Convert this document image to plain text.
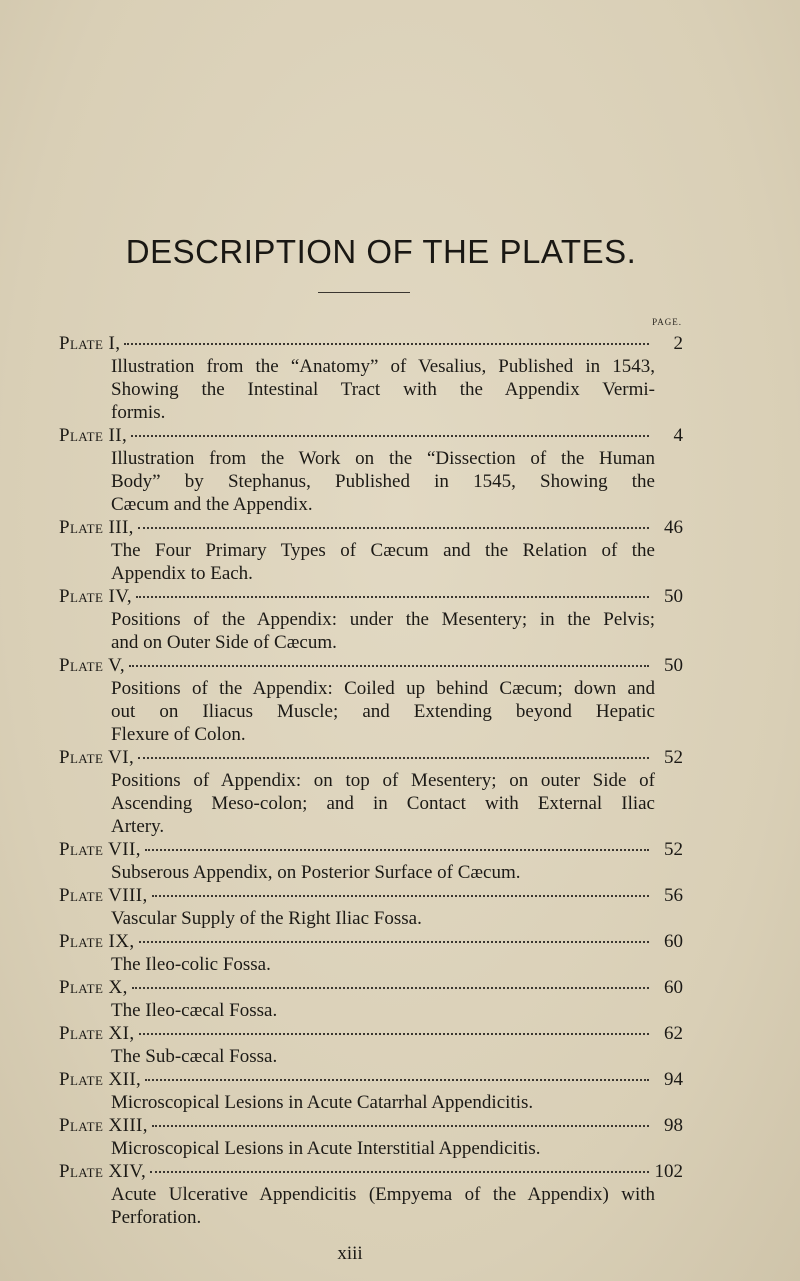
DESCRIPTION OF THE PLATES.
PAGE.
Plate I,	2
Illustration from the “Anatomy” of Vesalius, Published in 1543,
Showing the Intestinal Tract with the Appendix Vermi-
formis.
Plate II,	4
Illustration from the Work on the “Dissection of the Human
Body” by Stephanus, Published in 1545, Showing the
Cæcum and the Appendix.
Plate III,	46
The Four Primary Types of Cæcum and the Relation of the
Appendix to Each.
Plate IV,	50
Positions of the Appendix: under the Mesentery; in the Pelvis;
and on Outer Side of Cæcum.
Plate V,	50
Positions of the Appendix: Coiled up behind Cæcum; down and
out on Iliacus Muscle; and Extending beyond Hepatic
Flexure of Colon.
Plate VI,	52
Positions of Appendix: on top of Mesentery; on outer Side of
Ascending Meso-colon; and in Contact with External Iliac
Artery.
Plate VII,	52
Subserous Appendix, on Posterior Surface of Cæcum.
Plate VIII,	56
Vascular Supply of the Right Iliac Fossa.
Plate IX,	60
The Ileo-colic Fossa.
Plate X,	60
The Ileo-cæcal Fossa.
Plate XI,	62
The Sub-cæcal Fossa.
Plate XII,	94
Microscopical Lesions in Acute Catarrhal Appendicitis.
Plate XIII,	98
Microscopical Lesions in Acute Interstitial Appendicitis.
Plate XIV,	102
Acute Ulcerative Appendicitis (Empyema of the Appendix) with
Perforation.
xiii
